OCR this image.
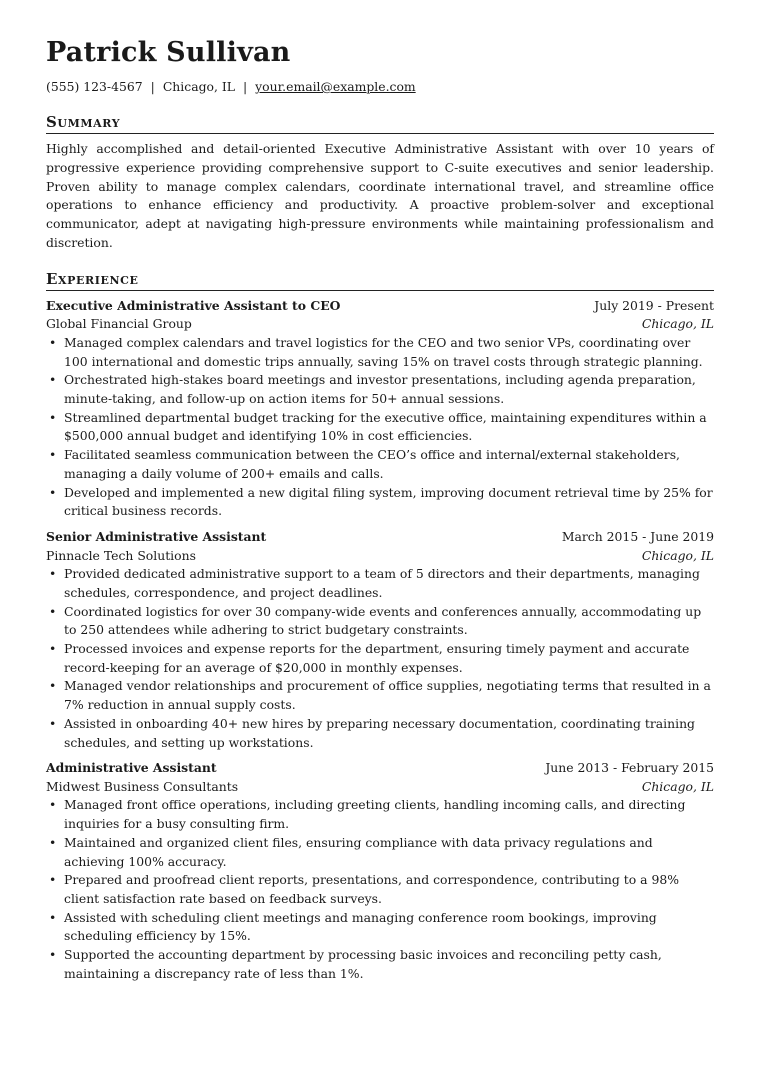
Patrick Sullivan
(555) 123-4567 | Chicago, IL | your.email@example.com
Summary
Highly accomplished and detail-oriented Executive Administrative Assistant with over 10 years of progressive experience providing comprehensive support to C-suite executives and senior leadership. Proven ability to manage complex calendars, coordinate international travel, and streamline office operations to enhance efficiency and productivity. A proactive problem-solver and exceptional communicator, adept at navigating high-pressure environments while maintaining professionalism and discretion.
Experience
Executive Administrative Assistant to CEO	July 2019 - Present
Global Financial Group	Chicago, IL
• Managed complex calendars and travel logistics for the CEO and two senior VPs, coordinating over 100 international and domestic trips annually, saving 15% on travel costs through strategic planning.
• Orchestrated high-stakes board meetings and investor presentations, including agenda preparation, minute-taking, and follow-up on action items for 50+ annual sessions.
• Streamlined departmental budget tracking for the executive office, maintaining expenditures within a $500,000 annual budget and identifying 10% in cost efficiencies.
• Facilitated seamless communication between the CEO’s office and internal/external stakeholders, managing a daily volume of 200+ emails and calls.
• Developed and implemented a new digital filing system, improving document retrieval time by 25% for critical business records.
Senior Administrative Assistant	March 2015 - June 2019
Pinnacle Tech Solutions	Chicago, IL
• Provided dedicated administrative support to a team of 5 directors and their departments, managing schedules, correspondence, and project deadlines.
• Coordinated logistics for over 30 company-wide events and conferences annually, accommodating up to 250 attendees while adhering to strict budgetary constraints.
• Processed invoices and expense reports for the department, ensuring timely payment and accurate record-keeping for an average of $20,000 in monthly expenses.
• Managed vendor relationships and procurement of office supplies, negotiating terms that resulted in a 7% reduction in annual supply costs.
• Assisted in onboarding 40+ new hires by preparing necessary documentation, coordinating training schedules, and setting up workstations.
Administrative Assistant	June 2013 - February 2015
Midwest Business Consultants	Chicago, IL
• Managed front office operations, including greeting clients, handling incoming calls, and directing inquiries for a busy consulting firm.
• Maintained and organized client files, ensuring compliance with data privacy regulations and achieving 100% accuracy.
• Prepared and proofread client reports, presentations, and correspondence, contributing to a 98% client satisfaction rate based on feedback surveys.
• Assisted with scheduling client meetings and managing conference room bookings, improving scheduling efficiency by 15%.
• Supported the accounting department by processing basic invoices and reconciling petty cash, maintaining a discrepancy rate of less than 1%.
